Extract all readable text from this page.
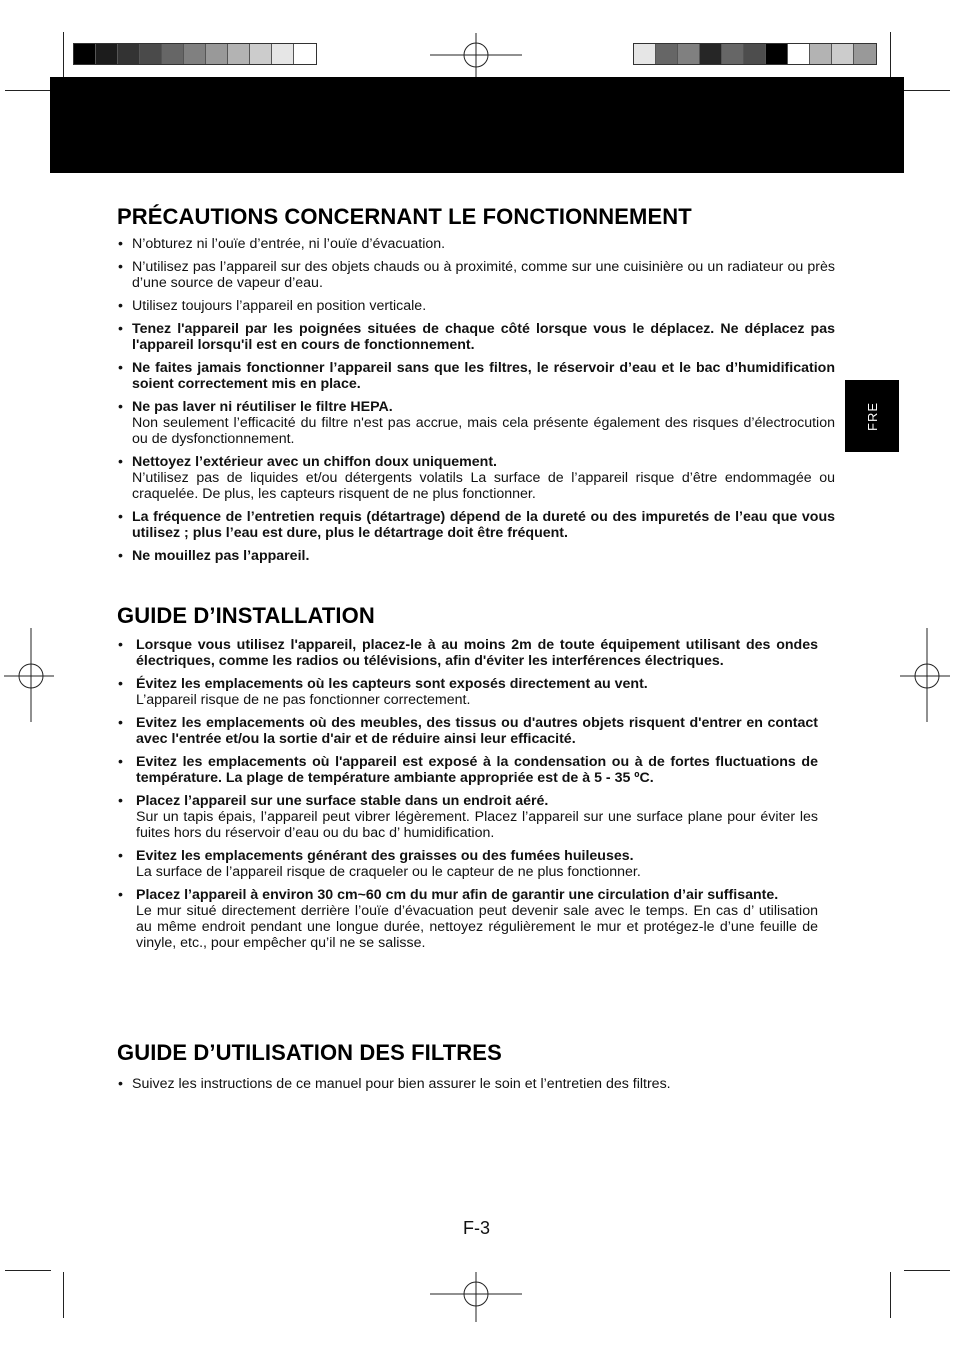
FRE
PRÉCAUTIONS CONCERNANT LE FONCTIONNEMENT
• N’obturez ni l’ouïe d’entrée, ni l’ouïe d’évacuation.
• N’utilisez pas l’appareil sur des objets chauds ou à proximité, comme sur une cuisinière ou un radiateur ou près d’une source de vapeur d’eau.
• Utilisez toujours l’appareil en position verticale.
• Tenez l'appareil par les poignées situées de chaque côté lorsque vous le déplacez. Ne déplacez pas l'appareil lorsqu'il est en cours de fonctionnement.
• Ne faites jamais fonctionner l’appareil sans que les filtres, le réservoir d’eau et le bac d’humidification soient correctement mis en place.
• Ne pas laver ni réutiliser le filtre HEPA.
Non seulement l’efficacité du filtre n'est pas accrue, mais cela présente également des risques d’électrocution ou de dysfonctionnement.
• Nettoyez l’extérieur avec un chiffon doux uniquement.
N’utilisez pas de liquides et/ou détergents volatils La surface de l’appareil risque d’être endommagée ou craquelée. De plus, les capteurs risquent de ne plus fonctionner.
• La fréquence de l’entretien requis (détartrage) dépend de la dureté ou des impuretés de l’eau que vous utilisez ; plus l’eau est dure, plus le détartrage doit être fréquent.
• Ne mouillez pas l’appareil.
GUIDE D’INSTALLATION
• Lorsque vous utilisez l'appareil, placez-le à au moins 2m de toute équipement utilisant des ondes électriques, comme les radios ou télévisions, afin d'éviter les interférences électriques.
• Évitez les emplacements où les capteurs sont exposés directement au vent.
L’appareil risque de ne pas fonctionner correctement.
• Evitez les emplacements où des meubles, des tissus ou d'autres objets risquent d'entrer en contact avec l'entrée et/ou la sortie d'air et de réduire ainsi leur efficacité.
• Evitez les emplacements où l'appareil est exposé à la condensation ou à de fortes fluctuations de température. La plage de température ambiante appropriée est de à 5 - 35 ºC.
• Placez l’appareil sur une surface stable dans un endroit aéré.
Sur un tapis épais, l’appareil peut vibrer légèrement. Placez l’appareil sur une surface plane pour éviter les fuites hors du réservoir d’eau ou du bac d’ humidification.
• Evitez les emplacements générant des graisses ou des fumées huileuses.
La surface de l’appareil risque de craqueler ou le capteur de ne plus fonctionner.
• Placez l’appareil à environ 30 cm~60 cm du mur afin de garantir une circulation d’air suffisante.
Le mur situé directement derrière l’ouïe d’évacuation peut devenir sale avec le temps. En cas d’ utilisation au même endroit pendant une longue durée, nettoyez régulièrement le mur et protégez-le d’une feuille de vinyle, etc., pour empêcher qu’il ne se salisse.
GUIDE D’UTILISATION DES FILTRES
• Suivez les instructions de ce manuel pour bien assurer le soin et l’entretien des filtres.
F-3
